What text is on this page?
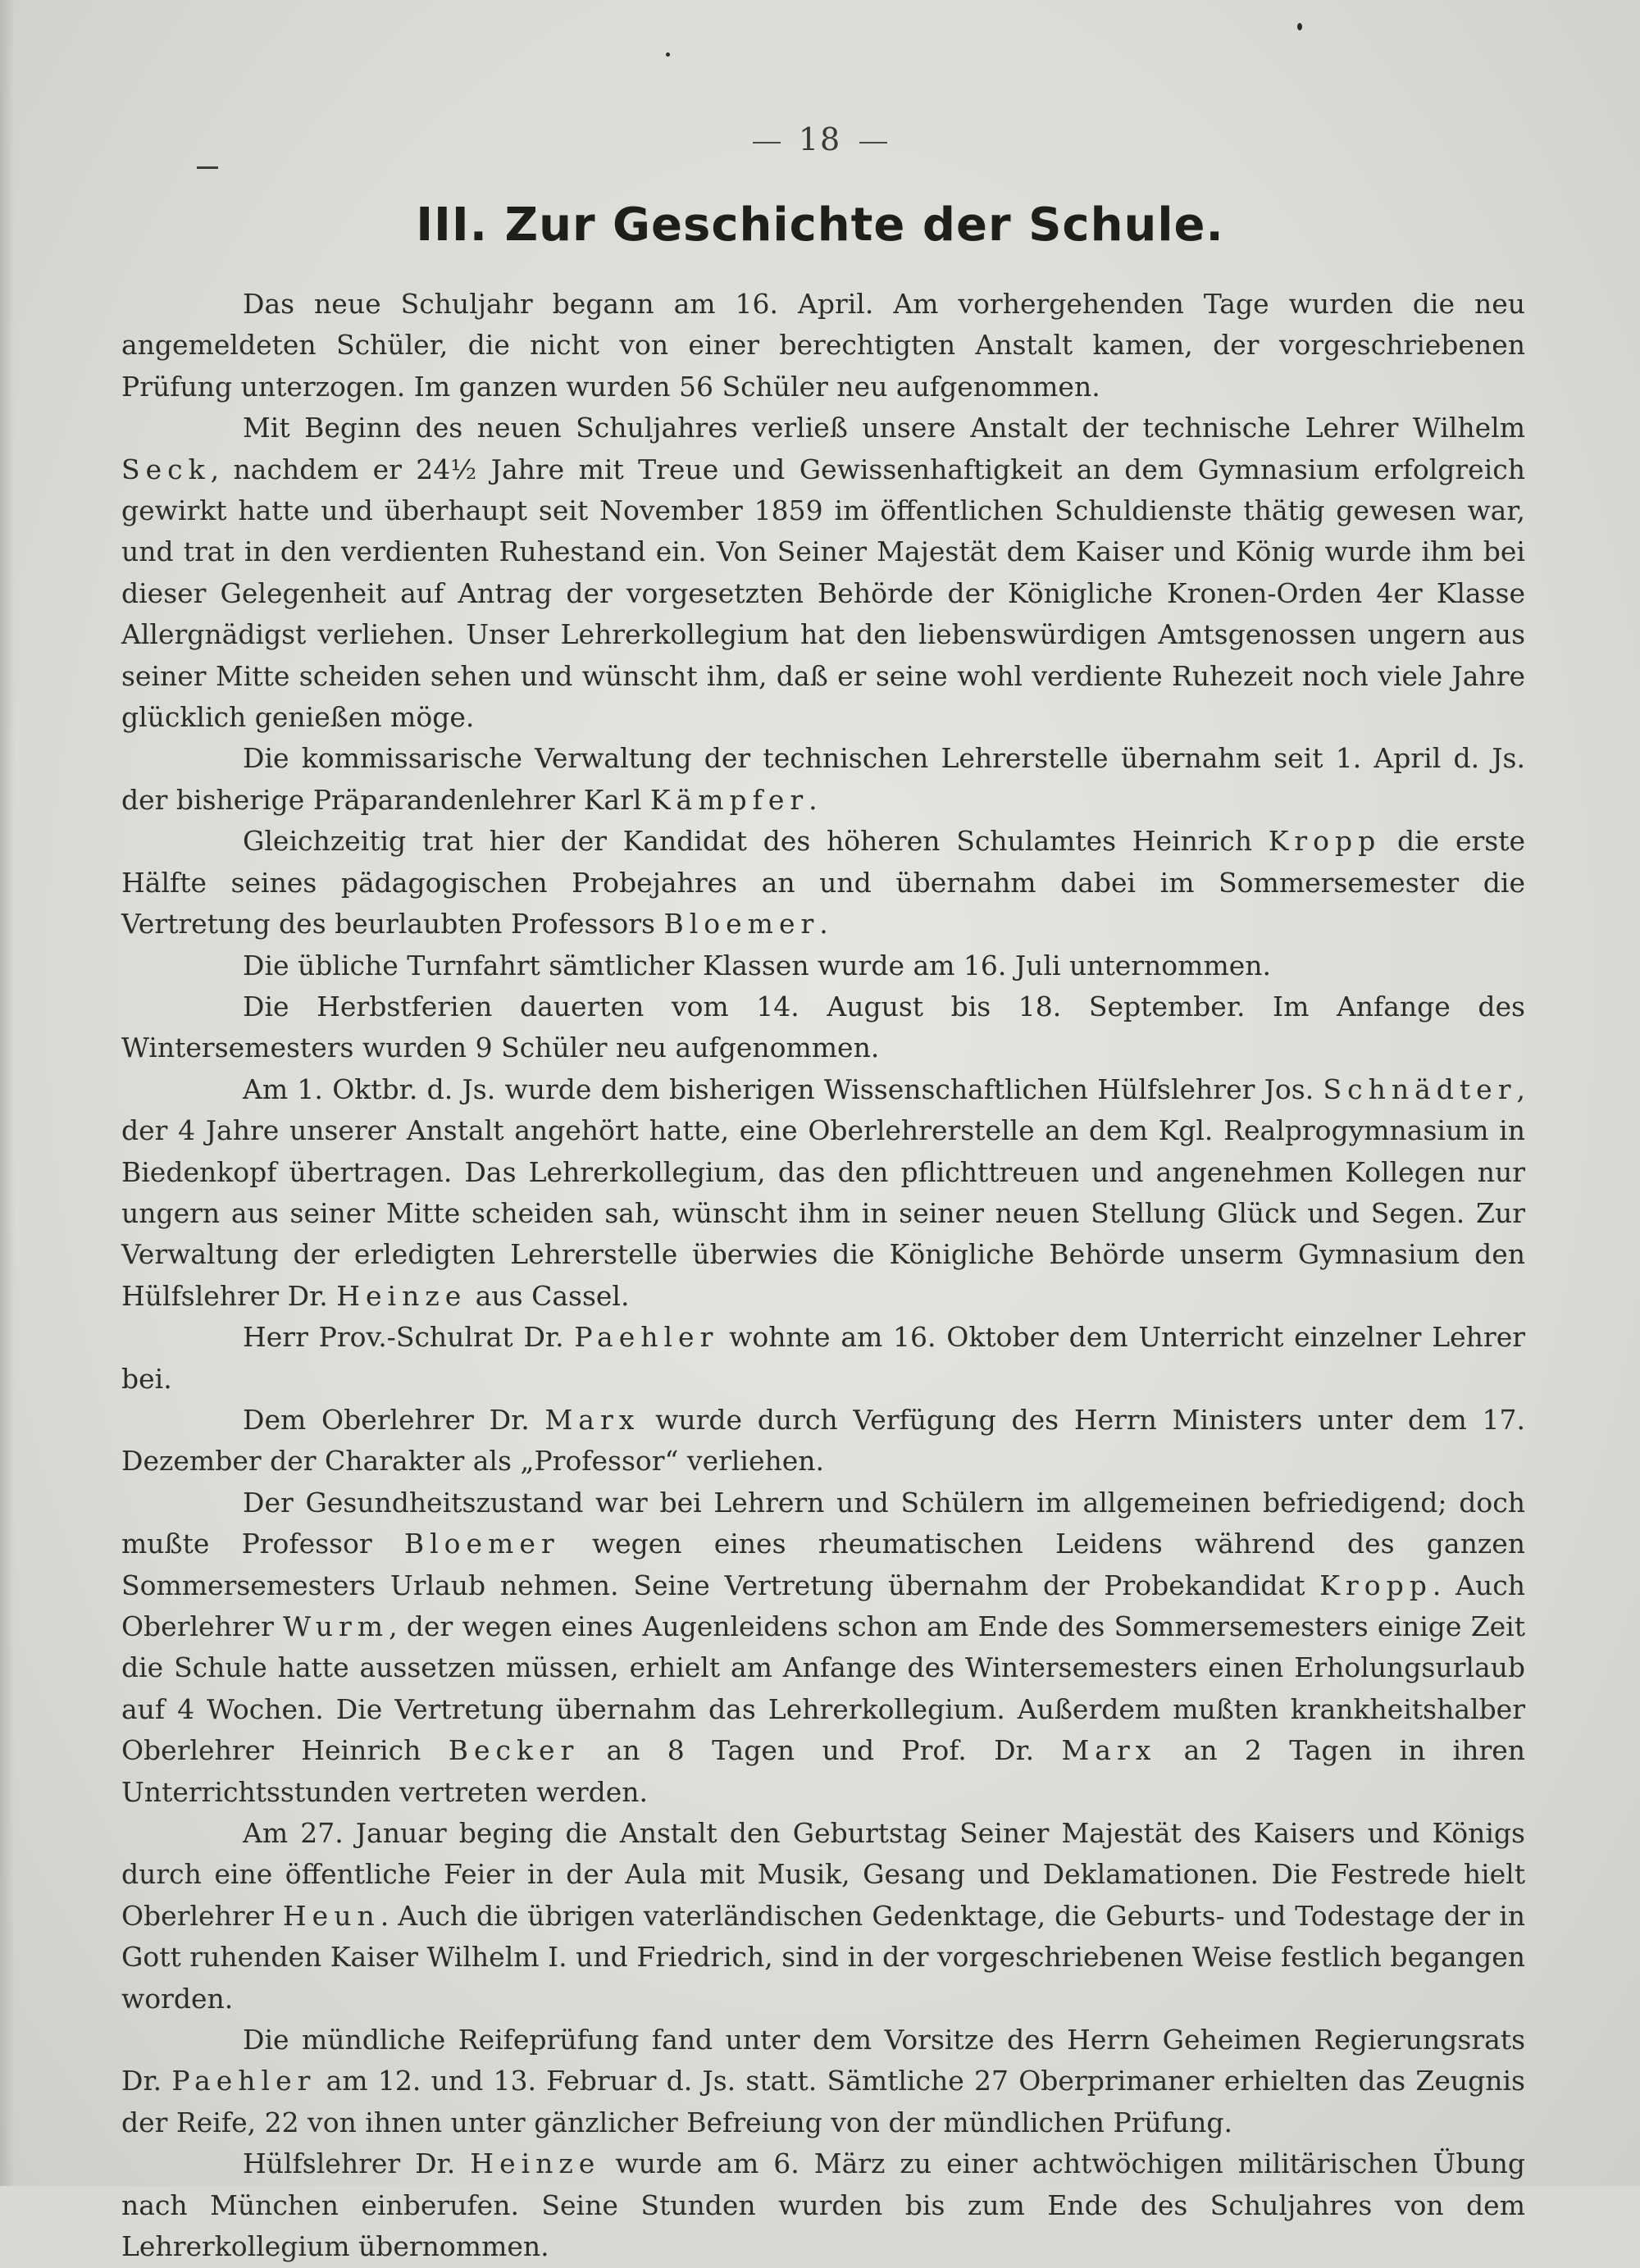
18
III. Zur Geschichte der Schule.

Das neue Schuljahr begann am 16. April. Am vorhergehenden Tage wurden die neu angemeldeten Schüler, die nicht von einer berechtigten Anstalt kamen, der vorgeschriebenen Prüfung unterzogen. Im ganzen wurden 56 Schüler neu aufgenommen.

Mit Beginn des neuen Schuljahres verließ unsere Anstalt der technische Lehrer Wilhelm Seck, nachdem er 24½ Jahre mit Treue und Gewissenhaftigkeit an dem Gymnasium erfolgreich gewirkt hatte und überhaupt seit November 1859 im öffentlichen Schuldienste thätig gewesen war, und trat in den verdienten Ruhestand ein. Von Seiner Majestät dem Kaiser und König wurde ihm bei dieser Gelegenheit auf Antrag der vorgesetzten Behörde der Königliche Kronen-Orden 4er Klasse Allergnädigst verliehen. Unser Lehrerkollegium hat den liebenswürdigen Amtsgenossen ungern aus seiner Mitte scheiden sehen und wünscht ihm, daß er seine wohl verdiente Ruhezeit noch viele Jahre glücklich genießen möge.

Die kommissarische Verwaltung der technischen Lehrerstelle übernahm seit 1. April d. Js. der bisherige Präparandenlehrer Karl Kämpfer.

Gleichzeitig trat hier der Kandidat des höheren Schulamtes Heinrich Kropp die erste Hälfte seines pädagogischen Probejahres an und übernahm dabei im Sommersemester die Vertretung des beurlaubten Professors Bloemer.

Die übliche Turnfahrt sämtlicher Klassen wurde am 16. Juli unternommen.

Die Herbstferien dauerten vom 14. August bis 18. September. Im Anfange des Wintersemesters wurden 9 Schüler neu aufgenommen.

Am 1. Oktbr. d. Js. wurde dem bisherigen Wissenschaftlichen Hülfslehrer Jos. Schnädter, der 4 Jahre unserer Anstalt angehört hatte, eine Oberlehrerstelle an dem Kgl. Realprogymnasium in Biedenkopf übertragen. Das Lehrerkollegium, das den pflichttreuen und angenehmen Kollegen nur ungern aus seiner Mitte scheiden sah, wünscht ihm in seiner neuen Stellung Glück und Segen. Zur Verwaltung der erledigten Lehrerstelle überwies die Königliche Behörde unserm Gymnasium den Hülfslehrer Dr. Heinze aus Cassel.

Herr Prov.-Schulrat Dr. Paehler wohnte am 16. Oktober dem Unterricht einzelner Lehrer bei.

Dem Oberlehrer Dr. Marx wurde durch Verfügung des Herrn Ministers unter dem 17. Dezember der Charakter als „Professor“ verliehen.

Der Gesundheitszustand war bei Lehrern und Schülern im allgemeinen befriedigend; doch mußte Professor Bloemer wegen eines rheumatischen Leidens während des ganzen Sommersemesters Urlaub nehmen. Seine Vertretung übernahm der Probekandidat Kropp. Auch Oberlehrer Wurm, der wegen eines Augenleidens schon am Ende des Sommersemesters einige Zeit die Schule hatte aussetzen müssen, erhielt am Anfange des Wintersemesters einen Erholungsurlaub auf 4 Wochen. Die Vertretung übernahm das Lehrerkollegium. Außerdem mußten krankheitshalber Oberlehrer Heinrich Becker an 8 Tagen und Prof. Dr. Marx an 2 Tagen in ihren Unterrichtsstunden vertreten werden.

Am 27. Januar beging die Anstalt den Geburtstag Seiner Majestät des Kaisers und Königs durch eine öffentliche Feier in der Aula mit Musik, Gesang und Deklamationen. Die Festrede hielt Oberlehrer Heun. Auch die übrigen vaterländischen Gedenktage, die Geburts- und Todestage der in Gott ruhenden Kaiser Wilhelm I. und Friedrich, sind in der vorgeschriebenen Weise festlich begangen worden.

Die mündliche Reifeprüfung fand unter dem Vorsitze des Herrn Geheimen Regierungsrats Dr. Paehler am 12. und 13. Februar d. Js. statt. Sämtliche 27 Oberprimaner erhielten das Zeugnis der Reife, 22 von ihnen unter gänzlicher Befreiung von der mündlichen Prüfung.

Hülfslehrer Dr. Heinze wurde am 6. März zu einer achtwöchigen militärischen Übung nach München einberufen. Seine Stunden wurden bis zum Ende des Schuljahres von dem Lehrerkollegium übernommen.
